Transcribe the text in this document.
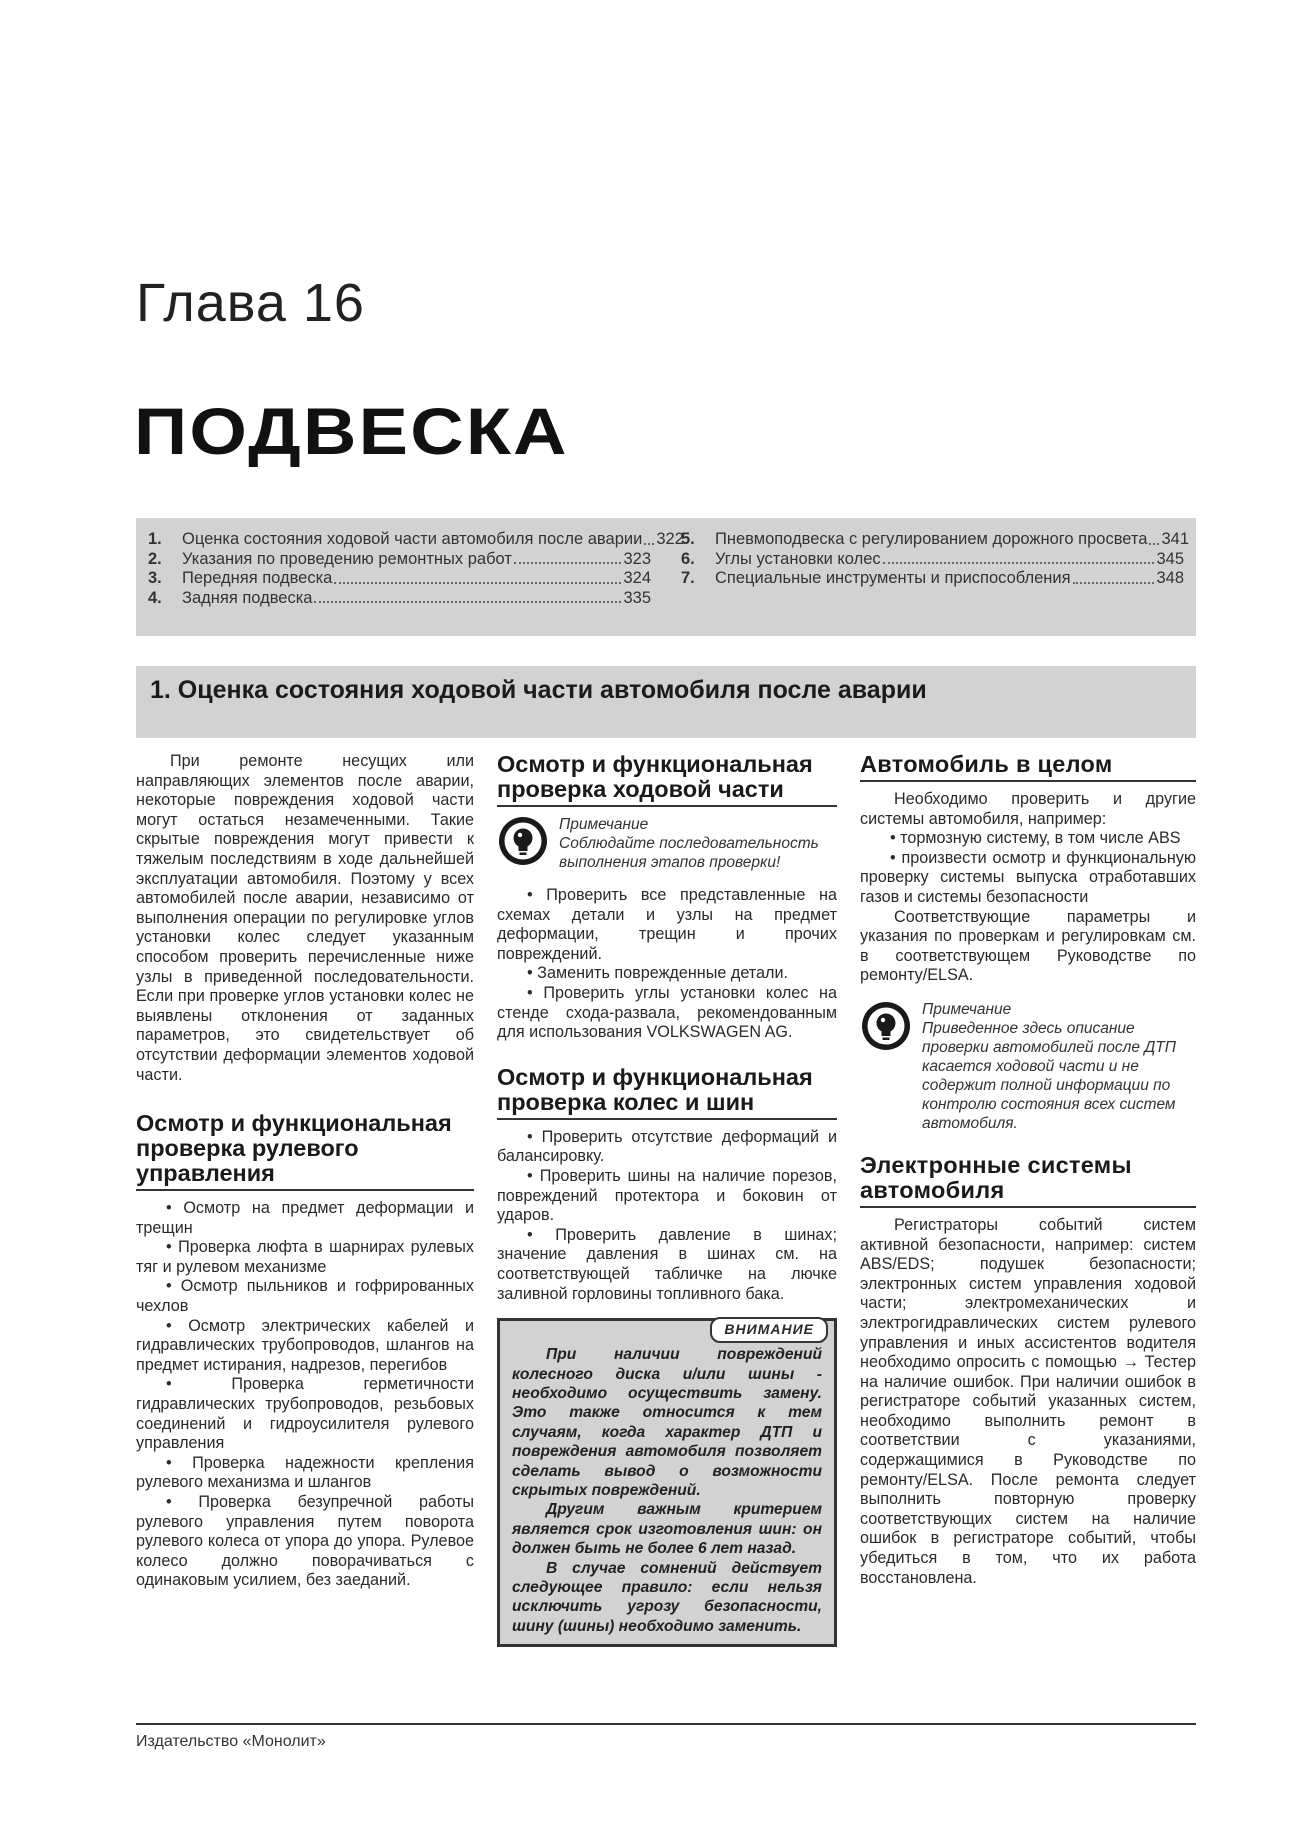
Глава 16
ПОДВЕСКА
1.	Оценка состояния ходовой части автомобиля после аварии 322
2.	Указания по проведению ремонтных работ	323
3.	Передняя подвеска	324
4.	Задняя подвеска	335
5.	Пневмоподвеска с регулированием дорожного просвета 341
6.	Углы установки колес	345
7.	Специальные инструменты и приспособления	348
1. Оценка состояния ходовой части автомобиля после аварии

При ремонте несущих или направляющих элементов после аварии, некоторые повреждения ходовой части могут остаться незамеченными. Такие скрытые повреждения могут привести к тяжелым последствиям в ходе дальнейшей эксплуатации автомобиля. Поэтому у всех автомобилей после аварии, независимо от выполнения операции по регулировке углов установки колес следует указанным способом проверить перечисленные ниже узлы в приведенной последовательности. Если при проверке углов установки колес не выявлены отклонения от заданных параметров, это свидетельствует об отсутствии деформации элементов ходовой части.

Осмотр и функциональная проверка рулевого управления

• Осмотр на предмет деформации и трещин

• Проверка люфта в шарнирах рулевых тяг и рулевом механизме

• Осмотр пыльников и гофрированных чехлов

• Осмотр электрических кабелей и гидравлических трубопроводов, шлангов на предмет истирания, надрезов, перегибов

• Проверка герметичности гидравлических трубопроводов, резьбовых соединений и гидроусилителя рулевого управления

• Проверка надежности крепления рулевого механизма и шлангов

• Проверка безупречной работы рулевого управления путем поворота рулевого колеса от упора до упора. Рулевое колесо должно поворачиваться с одинаковым усилием, без заеданий.

Осмотр и функциональная проверка ходовой части
Примечание
Соблюдайте последовательность выполнения этапов проверки!

• Проверить все представленные на схемах детали и узлы на предмет деформации, трещин и прочих повреждений.

• Заменить поврежденные детали.

• Проверить углы установки колес на стенде схода-развала, рекомендованным для использования VOLKSWAGEN AG.

Осмотр и функциональная проверка колес и шин

• Проверить отсутствие деформаций и балансировку.

• Проверить шины на наличие порезов, повреждений протектора и боковин от ударов.

• Проверить давление в шинах; значение давления в шинах см. на соответствующей табличке на лючке заливной горловины топливного бака.

ВНИМАНИЕ

При наличии повреждений колесного диска и/или шины - необходимо осуществить замену. Это также относится к тем случаям, когда характер ДТП и повреждения автомобиля позволяет сделать вывод о возможности скрытых повреждений.

Другим важным критерием является срок изготовления шин: он должен быть не более 6 лет назад.

В случае сомнений действует следующее правило: если нельзя исключить угрозу безопасности, шину (шины) необходимо заменить.

Автомобиль в целом

Необходимо проверить и другие системы автомобиля, например:

• тормозную систему, в том числе ABS

• произвести осмотр и функциональную проверку системы выпуска отработавших газов и системы безопасности

Соответствующие параметры и указания по проверкам и регулировкам см. в соответствующем Руководстве по ремонту/ELSA.

Примечание
Приведенное здесь описание проверки автомобилей после ДТП касается ходовой части и не содержит полной информации по контролю состояния всех систем автомобиля.
Электронные системы автомобиля

Регистраторы событий систем активной безопасности, например: систем ABS/EDS; подушек безопасности; электронных систем управления ходовой части; электромеханических и электрогидравлических систем рулевого управления и иных ассистентов водителя необходимо опросить с помощью → Тестер на наличие ошибок. При наличии ошибок в регистраторе событий указанных систем, необходимо выполнить ремонт в соответствии с указаниями, содержащимися в Руководстве по ремонту/ELSA. После ремонта следует выполнить повторную проверку соответствующих систем на наличие ошибок в регистраторе событий, чтобы убедиться в том, что их работа восстановлена.

Издательство «Монолит»
